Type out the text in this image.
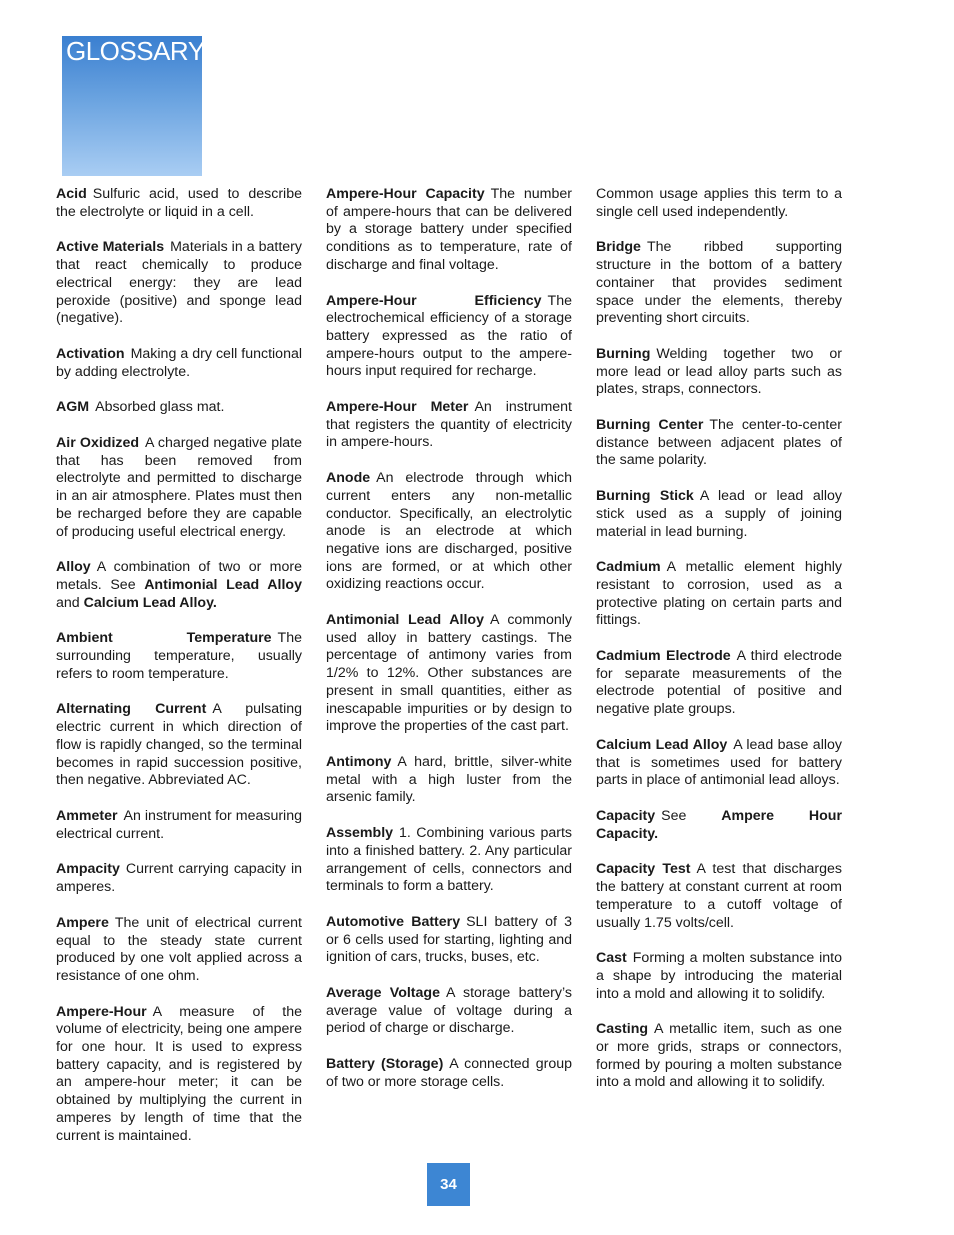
GLOSSARY

Acid Sulfuric acid, used to describe the electrolyte or liquid in a cell.

Active Materials Materials in a battery that react chemically to produce electrical energy: they are lead peroxide (positive) and sponge lead (negative).

Activation Making a dry cell functional by adding electrolyte.

AGM Absorbed glass mat.

Air Oxidized A charged negative plate that has been removed from electrolyte and permitted to discharge in an air atmosphere. Plates must then be recharged before they are capable of producing useful electrical energy.

Alloy A combination of two or more metals. See Antimonial Lead Alloy and Calcium Lead Alloy.

Ambient Temperature The surrounding temperature, usually refers to room temperature.

Alternating Current A pulsating electric current in which direction of flow is rapidly changed, so the terminal becomes in rapid succession positive, then negative. Abbreviated AC.

Ammeter An instrument for measuring electrical current.

Ampacity Current carrying capacity in amperes.

Ampere The unit of electrical current equal to the steady state current produced by one volt applied across a resistance of one ohm.

Ampere-Hour A measure of the volume of electricity, being one ampere for one hour. It is used to express battery capacity, and is registered by an ampere-hour meter; it can be obtained by multiplying the current in amperes by length of time that the current is maintained.

Ampere-Hour Capacity The number of ampere-hours that can be delivered by a storage battery under specified conditions as to temperature, rate of discharge and final voltage.

Ampere-Hour Efficiency The electrochemical efficiency of a storage battery expressed as the ratio of ampere-hours output to the ampere-hours input required for recharge.

Ampere-Hour Meter An instrument that registers the quantity of electricity in ampere-hours.

Anode An electrode through which current enters any non-metallic conductor. Specifically, an electrolytic anode is an electrode at which negative ions are discharged, positive ions are formed, or at which other oxidizing reactions occur.

Antimonial Lead Alloy A commonly used alloy in battery castings. The percentage of antimony varies from 1/2% to 12%. Other substances are present in small quantities, either as inescapable impurities or by design to improve the properties of the cast part.

Antimony A hard, brittle, silver-white metal with a high luster from the arsenic family.

Assembly 1. Combining various parts into a finished battery. 2. Any particular arrangement of cells, connectors and terminals to form a battery.

Automotive Battery SLI battery of 3 or 6 cells used for starting, lighting and ignition of cars, trucks, buses, etc.

Average Voltage A storage battery’s average value of voltage during a period of charge or discharge.

Battery (Storage) A connected group of two or more storage cells.

Common usage applies this term to a single cell used independently.

Bridge The ribbed supporting structure in the bottom of a battery container that provides sediment space under the elements, thereby preventing short circuits.

Burning Welding together two or more lead or lead alloy parts such as plates, straps, connectors.

Burning Center The center-to-center distance between adjacent plates of the same polarity.

Burning Stick A lead or lead alloy stick used as a supply of joining material in lead burning.

Cadmium A metallic element highly resistant to corrosion, used as a protective plating on certain parts and fittings.

Cadmium Electrode A third electrode for separate measurements of the electrode potential of positive and negative plate groups.

Calcium Lead Alloy A lead base alloy that is sometimes used for battery parts in place of antimonial lead alloys.

Capacity See Ampere Hour Capacity.

Capacity Test A test that discharges the battery at constant current at room temperature to a cutoff voltage of usually 1.75 volts/cell.

Cast Forming a molten substance into a shape by introducing the material into a mold and allowing it to solidify.

Casting A metallic item, such as one or more grids, straps or connectors, formed by pouring a molten substance into a mold and allowing it to solidify.

34
